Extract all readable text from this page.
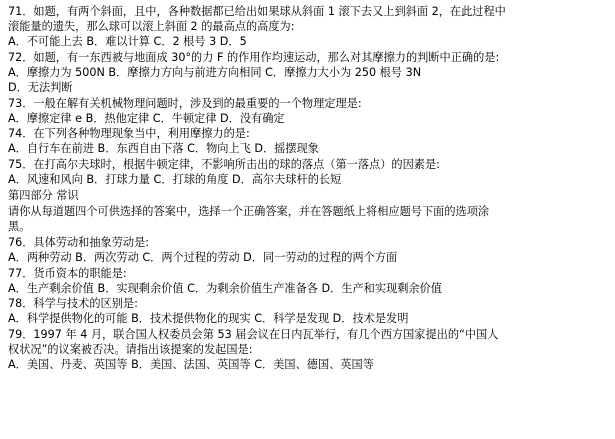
71．如题，有两个斜面，且中，各种数据都已给出如果球从斜面 1 滚下去又上到斜面 2，在此过程中
滚能量的遗失，那么球可以滚上斜面 2 的最高点的高度为:
A．不可能上去 B．难以计算 C．2 根号 3 D．5
72．如题，有一东西被与地面成 30°的力 F 的作用作均速运动，那么对其摩擦力的判断中正确的是:
A．摩擦力为 500N B．摩擦力方向与前进方向相同 C．摩擦力大小为 250 根号 3N
D．无法判断
73．一般在解有关机械物理问题时，涉及到的最重要的一个物理定理是:
A．摩擦定律 e B．热他定律 C．牛顿定律 D．没有确定
74．在下列各种物理现象当中，利用摩擦力的是:
A．自行车在前进 B．东西自由下落 C．物向上飞 D．摇摆现象
75．在打高尔夫球时，根据牛顿定律，不影响所击出的球的落点（第一落点）的因素是:
A．风速和风向 B．打球力量 C．打球的角度 D．高尔夫球杆的长短
第四部分 常识
请你从每道题四个可供选择的答案中，选择一个正确答案，并在答题纸上将相应题号下面的选项涂
黑。
76．具体劳动和抽象劳动是:
A．两种劳动 B．两次劳动 C．两个过程的劳动 D．同一劳动的过程的两个方面
77．货币资本的职能是:
A．生产剩余价值 B．实现剩余价值 C．为剩余价值生产准备各 D．生产和实现剩余价值
78．科学与技术的区别是:
A．科学提供物化的可能 B．技术提供物化的现实 C．科学是发现 D．技术是发明
79．1997 年 4 月，联合国人权委员会第 53 届会议在日内瓦举行，有几个西方国家提出的“中国人
权状况”的议案被否决。请指出该提案的发起国是:
A．美国、丹麦、英国等 B．美国、法国、英国等 C．美国、德国、英国等
